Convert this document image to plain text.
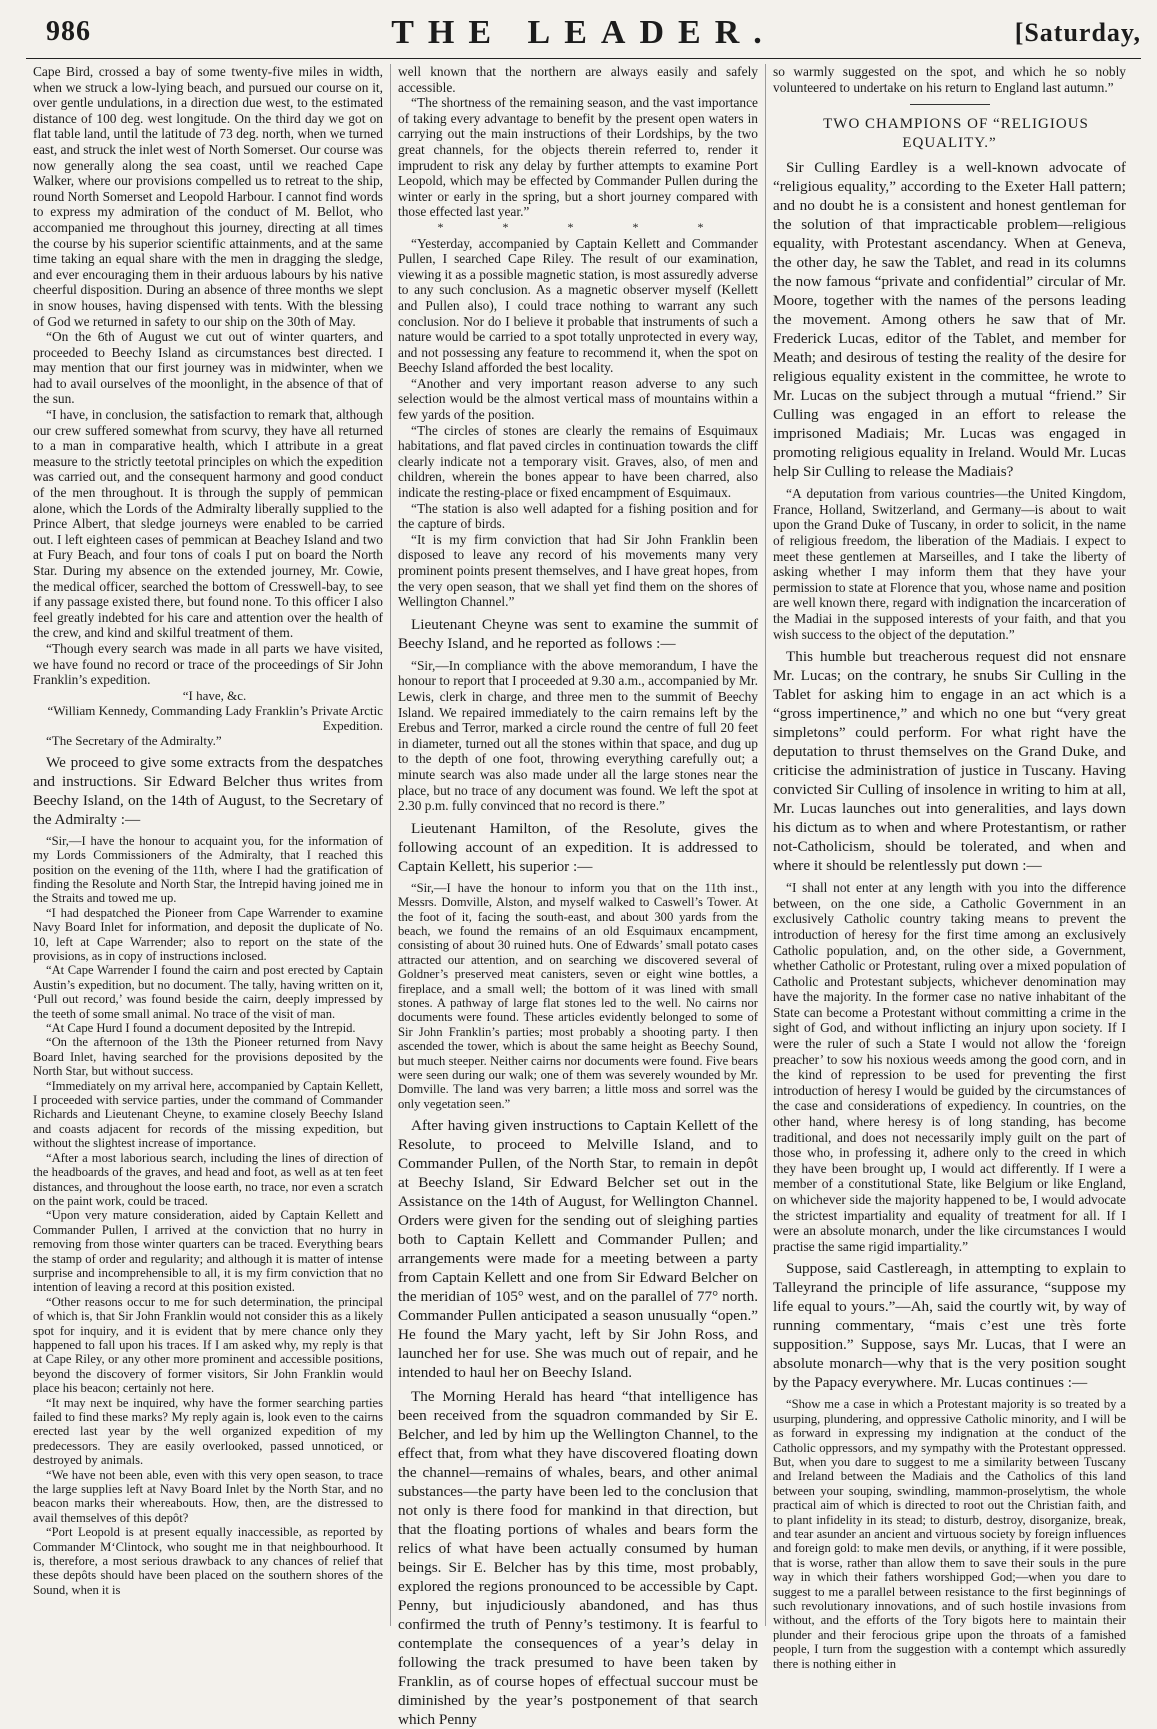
986	THE LEADER.	[Saturday,

Cape Bird, crossed a bay of some twenty-five miles in width, when we struck a low-lying beach, and pursued our course on it, over gentle undulations, in a direction due west, to the estimated distance of 100 deg. west longitude. On the third day we got on flat table land, until the latitude of 73 deg. north, when we turned east, and struck the inlet west of North Somerset. Our course was now generally along the sea coast, until we reached Cape Walker, where our provisions compelled us to retreat to the ship, round North Somerset and Leopold Harbour. I cannot find words to express my admiration of the conduct of M. Bellot, who accompanied me throughout this journey, directing at all times the course by his superior scientific attainments, and at the same time taking an equal share with the men in dragging the sledge, and ever encouraging them in their arduous labours by his native cheerful disposition. During an absence of three months we slept in snow houses, having dispensed with tents. With the blessing of God we returned in safety to our ship on the 30th of May.

“On the 6th of August we cut out of winter quarters, and proceeded to Beechy Island as circumstances best directed. I may mention that our first journey was in midwinter, when we had to avail ourselves of the moonlight, in the absence of that of the sun.

“I have, in conclusion, the satisfaction to remark that, although our crew suffered somewhat from scurvy, they have all returned to a man in comparative health, which I attribute in a great measure to the strictly teetotal principles on which the expedition was carried out, and the consequent harmony and good conduct of the men throughout. It is through the supply of pemmican alone, which the Lords of the Admiralty liberally supplied to the Prince Albert, that sledge journeys were enabled to be carried out. I left eighteen cases of pemmican at Beachey Island and two at Fury Beach, and four tons of coals I put on board the North Star. During my absence on the extended journey, Mr. Cowie, the medical officer, searched the bottom of Cresswell-bay, to see if any passage existed there, but found none. To this officer I also feel greatly indebted for his care and attention over the health of the crew, and kind and skilful treatment of them.

“Though every search was made in all parts we have visited, we have found no record or trace of the proceedings of Sir John Franklin’s expedition.

“I have, &c.

“William Kennedy, Commanding Lady Franklin’s Private Arctic Expedition.

“The Secretary of the Admiralty.”

We proceed to give some extracts from the despatches and instructions. Sir Edward Belcher thus writes from Beechy Island, on the 14th of August, to the Secretary of the Admiralty :—

“Sir,—I have the honour to acquaint you, for the information of my Lords Commissioners of the Admiralty, that I reached this position on the evening of the 11th, where I had the gratification of finding the Resolute and North Star, the Intrepid having joined me in the Straits and towed me up.

“I had despatched the Pioneer from Cape Warrender to examine Navy Board Inlet for information, and deposit the duplicate of No. 10, left at Cape Warrender; also to report on the state of the provisions, as in copy of instructions inclosed.

“At Cape Warrender I found the cairn and post erected by Captain Austin’s expedition, but no document. The tally, having written on it, ‘Pull out record,’ was found beside the cairn, deeply impressed by the teeth of some small animal. No trace of the visit of man.

“At Cape Hurd I found a document deposited by the Intrepid.

“On the afternoon of the 13th the Pioneer returned from Navy Board Inlet, having searched for the provisions deposited by the North Star, but without success.

“Immediately on my arrival here, accompanied by Captain Kellett, I proceeded with service parties, under the command of Commander Richards and Lieutenant Cheyne, to examine closely Beechy Island and coasts adjacent for records of the missing expedition, but without the slightest increase of importance.

“After a most laborious search, including the lines of direction of the headboards of the graves, and head and foot, as well as at ten feet distances, and throughout the loose earth, no trace, nor even a scratch on the paint work, could be traced.

“Upon very mature consideration, aided by Captain Kellett and Commander Pullen, I arrived at the conviction that no hurry in removing from those winter quarters can be traced. Everything bears the stamp of order and regularity; and although it is matter of intense surprise and incomprehensible to all, it is my firm conviction that no intention of leaving a record at this position existed.

“Other reasons occur to me for such determination, the principal of which is, that Sir John Franklin would not consider this as a likely spot for inquiry, and it is evident that by mere chance only they happened to fall upon his traces. If I am asked why, my reply is that at Cape Riley, or any other more prominent and accessible positions, beyond the discovery of former visitors, Sir John Franklin would place his beacon; certainly not here.

“It may next be inquired, why have the former searching parties failed to find these marks? My reply again is, look even to the cairns erected last year by the well organized expedition of my predecessors. They are easily overlooked, passed unnoticed, or destroyed by animals.

“We have not been able, even with this very open season, to trace the large supplies left at Navy Board Inlet by the North Star, and no beacon marks their whereabouts. How, then, are the distressed to avail themselves of this depôt?

“Port Leopold is at present equally inaccessible, as reported by Commander M‘Clintock, who sought me in that neighbourhood. It is, therefore, a most serious drawback to any chances of relief that these depôts should have been placed on the southern shores of the Sound, when it is

well known that the northern are always easily and safely accessible.

“The shortness of the remaining season, and the vast importance of taking every advantage to benefit by the present open waters in carrying out the main instructions of their Lordships, by the two great channels, for the objects therein referred to, render it imprudent to risk any delay by further attempts to examine Port Leopold, which may be effected by Commander Pullen during the winter or early in the spring, but a short journey compared with those effected last year.”

* * * * *

“Yesterday, accompanied by Captain Kellett and Commander Pullen, I searched Cape Riley. The result of our examination, viewing it as a possible magnetic station, is most assuredly adverse to any such conclusion. As a magnetic observer myself (Kellett and Pullen also), I could trace nothing to warrant any such conclusion. Nor do I believe it probable that instruments of such a nature would be carried to a spot totally unprotected in every way, and not possessing any feature to recommend it, when the spot on Beechy Island afforded the best locality.

“Another and very important reason adverse to any such selection would be the almost vertical mass of mountains within a few yards of the position.

“The circles of stones are clearly the remains of Esquimaux habitations, and flat paved circles in continuation towards the cliff clearly indicate not a temporary visit. Graves, also, of men and children, wherein the bones appear to have been charred, also indicate the resting-place or fixed encampment of Esquimaux.

“The station is also well adapted for a fishing position and for the capture of birds.

“It is my firm conviction that had Sir John Franklin been disposed to leave any record of his movements many very prominent points present themselves, and I have great hopes, from the very open season, that we shall yet find them on the shores of Wellington Channel.”

Lieutenant Cheyne was sent to examine the summit of Beechy Island, and he reported as follows :—

“Sir,—In compliance with the above memorandum, I have the honour to report that I proceeded at 9.30 a.m., accompanied by Mr. Lewis, clerk in charge, and three men to the summit of Beechy Island. We repaired immediately to the cairn remains left by the Erebus and Terror, marked a circle round the centre of full 20 feet in diameter, turned out all the stones within that space, and dug up to the depth of one foot, throwing everything carefully out; a minute search was also made under all the large stones near the place, but no trace of any document was found. We left the spot at 2.30 p.m. fully convinced that no record is there.”

Lieutenant Hamilton, of the Resolute, gives the following account of an expedition. It is addressed to Captain Kellett, his superior :—

“Sir,—I have the honour to inform you that on the 11th inst., Messrs. Domville, Alston, and myself walked to Caswell’s Tower. At the foot of it, facing the south-east, and about 300 yards from the beach, we found the remains of an old Esquimaux encampment, consisting of about 30 ruined huts. One of Edwards’ small potato cases attracted our attention, and on searching we discovered several of Goldner’s preserved meat canisters, seven or eight wine bottles, a fireplace, and a small well; the bottom of it was lined with small stones. A pathway of large flat stones led to the well. No cairns nor documents were found. These articles evidently belonged to some of Sir John Franklin’s parties; most probably a shooting party. I then ascended the tower, which is about the same height as Beechy Sound, but much steeper. Neither cairns nor documents were found. Five bears were seen during our walk; one of them was severely wounded by Mr. Domville. The land was very barren; a little moss and sorrel was the only vegetation seen.”

After having given instructions to Captain Kellett of the Resolute, to proceed to Melville Island, and to Commander Pullen, of the North Star, to remain in depôt at Beechy Island, Sir Edward Belcher set out in the Assistance on the 14th of August, for Wellington Channel. Orders were given for the sending out of sleighing parties both to Captain Kellett and Commander Pullen; and arrangements were made for a meeting between a party from Captain Kellett and one from Sir Edward Belcher on the meridian of 105° west, and on the parallel of 77° north. Commander Pullen anticipated a season unusually “open.” He found the Mary yacht, left by Sir John Ross, and launched her for use. She was much out of repair, and he intended to haul her on Beechy Island.

The Morning Herald has heard “that intelligence has been received from the squadron commanded by Sir E. Belcher, and led by him up the Wellington Channel, to the effect that, from what they have discovered floating down the channel—remains of whales, bears, and other animal substances—the party have been led to the conclusion that not only is there food for mankind in that direction, but that the floating portions of whales and bears form the relics of what have been actually consumed by human beings. Sir E. Belcher has by this time, most probably, explored the regions pronounced to be accessible by Capt. Penny, but injudiciously abandoned, and has thus confirmed the truth of Penny’s testimony. It is fearful to contemplate the consequences of a year’s delay in following the track presumed to have been taken by Franklin, as of course hopes of effectual succour must be diminished by the year’s postponement of that search which Penny

so warmly suggested on the spot, and which he so nobly volunteered to undertake on his return to England last autumn.”

TWO CHAMPIONS OF “RELIGIOUS EQUALITY.”

Sir Culling Eardley is a well-known advocate of “religious equality,” according to the Exeter Hall pattern; and no doubt he is a consistent and honest gentleman for the solution of that impracticable problem—religious equality, with Protestant ascendancy. When at Geneva, the other day, he saw the Tablet, and read in its columns the now famous “private and confidential” circular of Mr. Moore, together with the names of the persons leading the movement. Among others he saw that of Mr. Frederick Lucas, editor of the Tablet, and member for Meath; and desirous of testing the reality of the desire for religious equality existent in the committee, he wrote to Mr. Lucas on the subject through a mutual “friend.” Sir Culling was engaged in an effort to release the imprisoned Madiais; Mr. Lucas was engaged in promoting religious equality in Ireland. Would Mr. Lucas help Sir Culling to release the Madiais?

“A deputation from various countries—the United Kingdom, France, Holland, Switzerland, and Germany—is about to wait upon the Grand Duke of Tuscany, in order to solicit, in the name of religious freedom, the liberation of the Madiais. I expect to meet these gentlemen at Marseilles, and I take the liberty of asking whether I may inform them that they have your permission to state at Florence that you, whose name and position are well known there, regard with indignation the incarceration of the Madiai in the supposed interests of your faith, and that you wish success to the object of the deputation.”

This humble but treacherous request did not ensnare Mr. Lucas; on the contrary, he snubs Sir Culling in the Tablet for asking him to engage in an act which is a “gross impertinence,” and which no one but “very great simpletons” could perform. For what right have the deputation to thrust themselves on the Grand Duke, and criticise the administration of justice in Tuscany. Having convicted Sir Culling of insolence in writing to him at all, Mr. Lucas launches out into generalities, and lays down his dictum as to when and where Protestantism, or rather not-Catholicism, should be tolerated, and when and where it should be relentlessly put down :—

“I shall not enter at any length with you into the difference between, on the one side, a Catholic Government in an exclusively Catholic country taking means to prevent the introduction of heresy for the first time among an exclusively Catholic population, and, on the other side, a Government, whether Catholic or Protestant, ruling over a mixed population of Catholic and Protestant subjects, whichever denomination may have the majority. In the former case no native inhabitant of the State can become a Protestant without committing a crime in the sight of God, and without inflicting an injury upon society. If I were the ruler of such a State I would not allow the ‘foreign preacher’ to sow his noxious weeds among the good corn, and in the kind of repression to be used for preventing the first introduction of heresy I would be guided by the circumstances of the case and considerations of expediency. In countries, on the other hand, where heresy is of long standing, has become traditional, and does not necessarily imply guilt on the part of those who, in professing it, adhere only to the creed in which they have been brought up, I would act differently. If I were a member of a constitutional State, like Belgium or like England, on whichever side the majority happened to be, I would advocate the strictest impartiality and equality of treatment for all. If I were an absolute monarch, under the like circumstances I would practise the same rigid impartiality.”

Suppose, said Castlereagh, in attempting to explain to Talleyrand the principle of life assurance, “suppose my life equal to yours.”—Ah, said the courtly wit, by way of running commentary, “mais c’est une très forte supposition.” Suppose, says Mr. Lucas, that I were an absolute monarch—why that is the very position sought by the Papacy everywhere. Mr. Lucas continues :—

“Show me a case in which a Protestant majority is so treated by a usurping, plundering, and oppressive Catholic minority, and I will be as forward in expressing my indignation at the conduct of the Catholic oppressors, and my sympathy with the Protestant oppressed. But, when you dare to suggest to me a similarity between Tuscany and Ireland between the Madiais and the Catholics of this land between your souping, swindling, mammon-proselytism, the whole practical aim of which is directed to root out the Christian faith, and to plant infidelity in its stead; to disturb, destroy, disorganize, break, and tear asunder an ancient and virtuous society by foreign influences and foreign gold: to make men devils, or anything, if it were possible, that is worse, rather than allow them to save their souls in the pure way in which their fathers worshipped God;—when you dare to suggest to me a parallel between resistance to the first beginnings of such revolutionary innovations, and of such hostile invasions from without, and the efforts of the Tory bigots here to maintain their plunder and their ferocious gripe upon the throats of a famished people, I turn from the suggestion with a contempt which assuredly there is nothing either in
